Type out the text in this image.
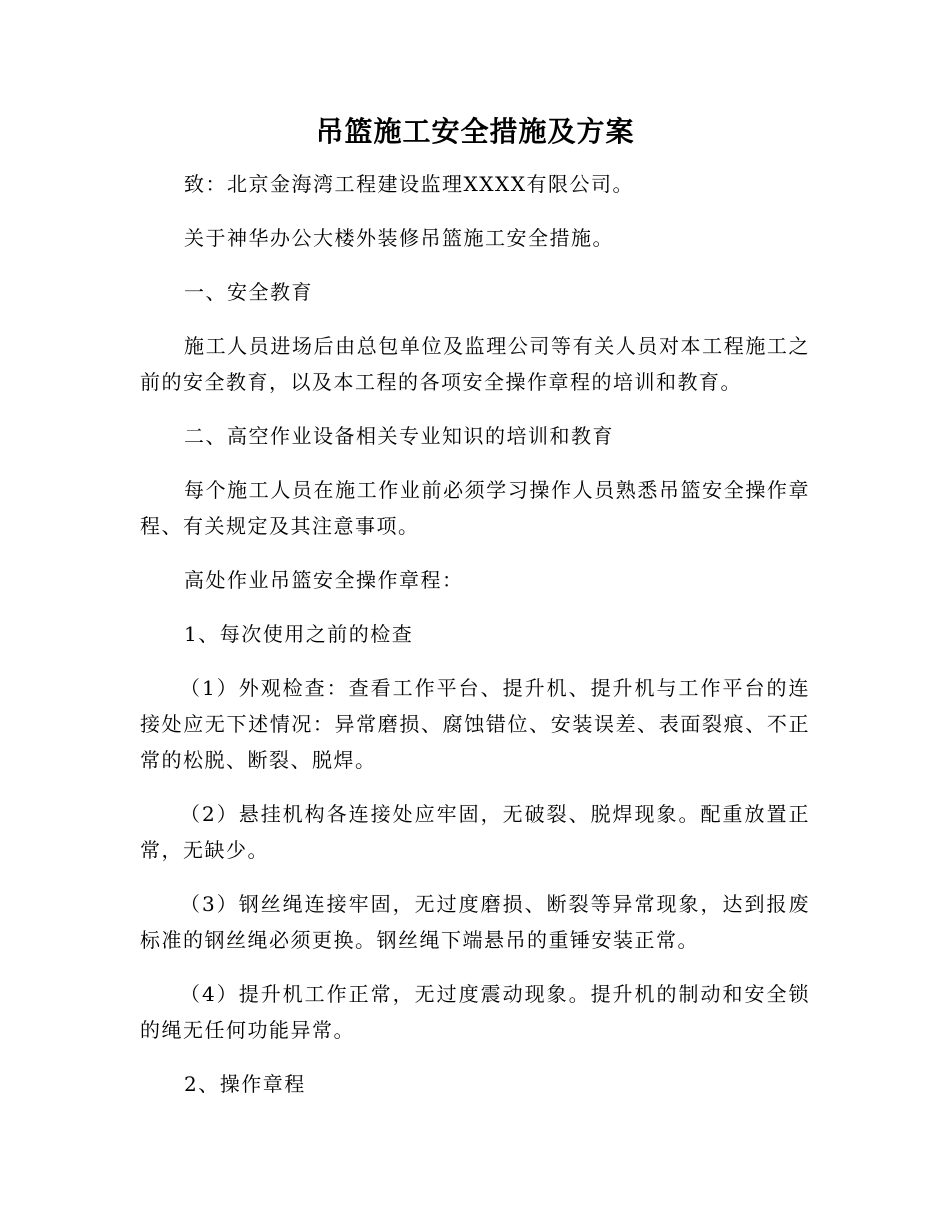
吊篮施工安全措施及方案

致：北京金海湾工程建设监理XXXX有限公司。

关于神华办公大楼外装修吊篮施工安全措施。

一、安全教育

施工人员进场后由总包单位及监理公司等有关人员对本工程施工之前的安全教育，以及本工程的各项安全操作章程的培训和教育。

二、高空作业设备相关专业知识的培训和教育

每个施工人员在施工作业前必须学习操作人员熟悉吊篮安全操作章程、有关规定及其注意事项。

高处作业吊篮安全操作章程：

1、每次使用之前的检查

（1）外观检查：查看工作平台、提升机、提升机与工作平台的连接处应无下述情况：异常磨损、腐蚀错位、安装误差、表面裂痕、不正常的松脱、断裂、脱焊。

（2）悬挂机构各连接处应牢固，无破裂、脱焊现象。配重放置正常，无缺少。

（3）钢丝绳连接牢固，无过度磨损、断裂等异常现象，达到报废标准的钢丝绳必须更换。钢丝绳下端悬吊的重锤安装正常。

（4）提升机工作正常，无过度震动现象。提升机的制动和安全锁的绳无任何功能异常。

2、操作章程
